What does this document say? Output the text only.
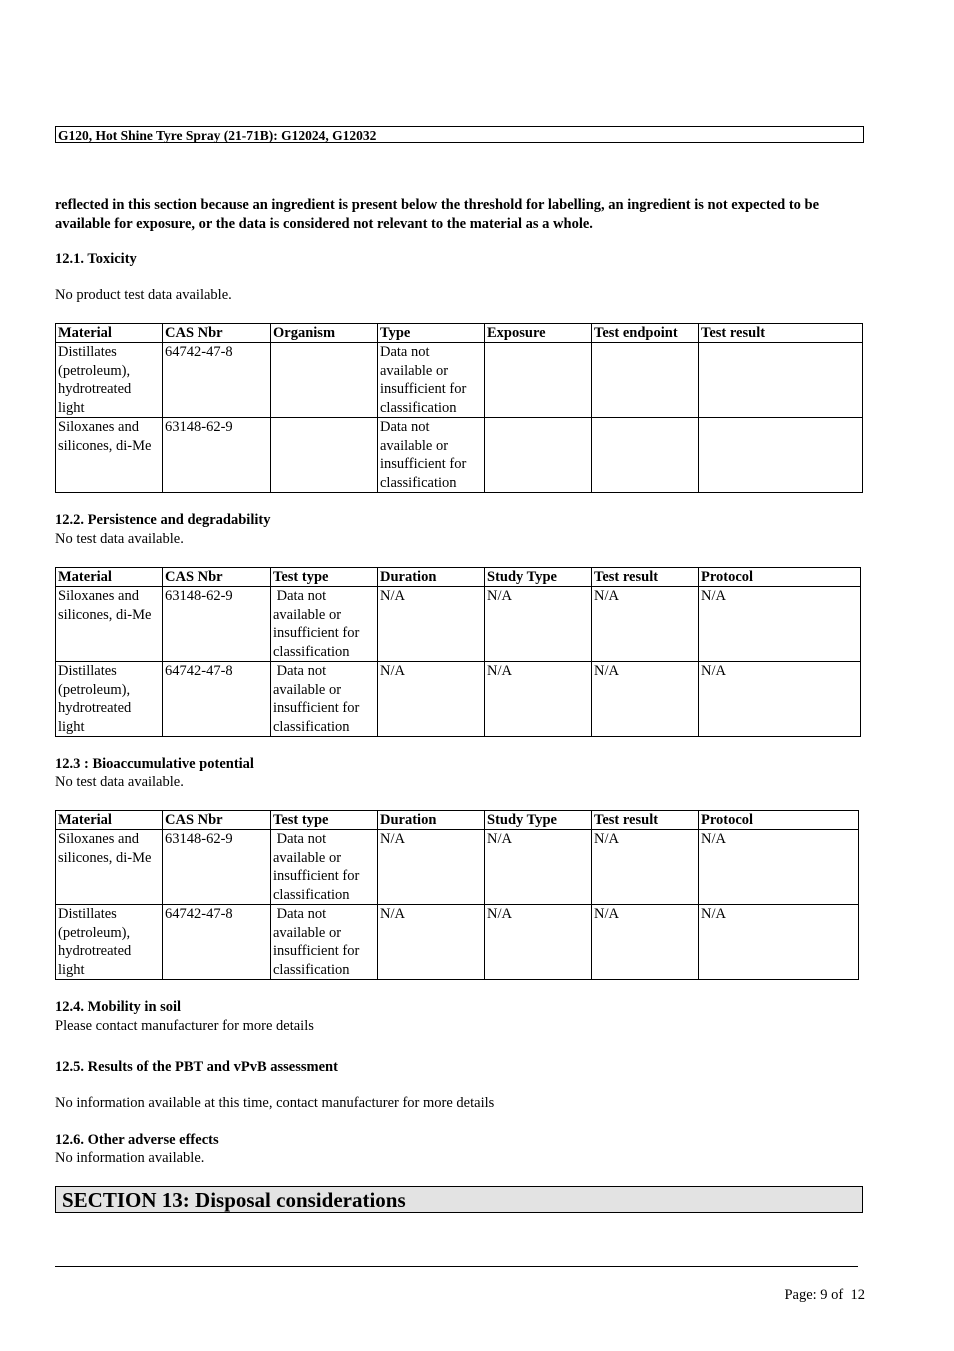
G120, Hot Shine Tyre Spray (21-71B): G12024, G12032
reflected in this section because an ingredient is present below the threshold for labelling, an ingredient is not expected to be available for exposure, or the data is considered not relevant to the material as a whole.
12.1. Toxicity
No product test data available.
Material	CAS Nbr	Organism	Type	Exposure	Test endpoint	Test result
Distillates (petroleum), hydrotreated light	64742-47-8		Data not available or insufficient for classification			
Siloxanes and silicones, di-Me	63148-62-9		Data not available or insufficient for classification			
12.2. Persistence and degradability
No test data available.
Material	CAS Nbr	Test type	Duration	Study Type	Test result	Protocol
Siloxanes and silicones, di-Me	63148-62-9	Data not available or insufficient for classification	N/A	N/A	N/A	N/A
Distillates (petroleum), hydrotreated light	64742-47-8	Data not available or insufficient for classification	N/A	N/A	N/A	N/A
12.3 : Bioaccumulative potential
No test data available.
Material	CAS Nbr	Test type	Duration	Study Type	Test result	Protocol
Siloxanes and silicones, di-Me	63148-62-9	Data not available or insufficient for classification	N/A	N/A	N/A	N/A
Distillates (petroleum), hydrotreated light	64742-47-8	Data not available or insufficient for classification	N/A	N/A	N/A	N/A
12.4. Mobility in soil
Please contact manufacturer for more details
12.5. Results of the PBT and vPvB assessment
No information available at this time, contact manufacturer for more details
12.6. Other adverse effects
No information available.
SECTION 13: Disposal considerations
Page: 9 of  12
